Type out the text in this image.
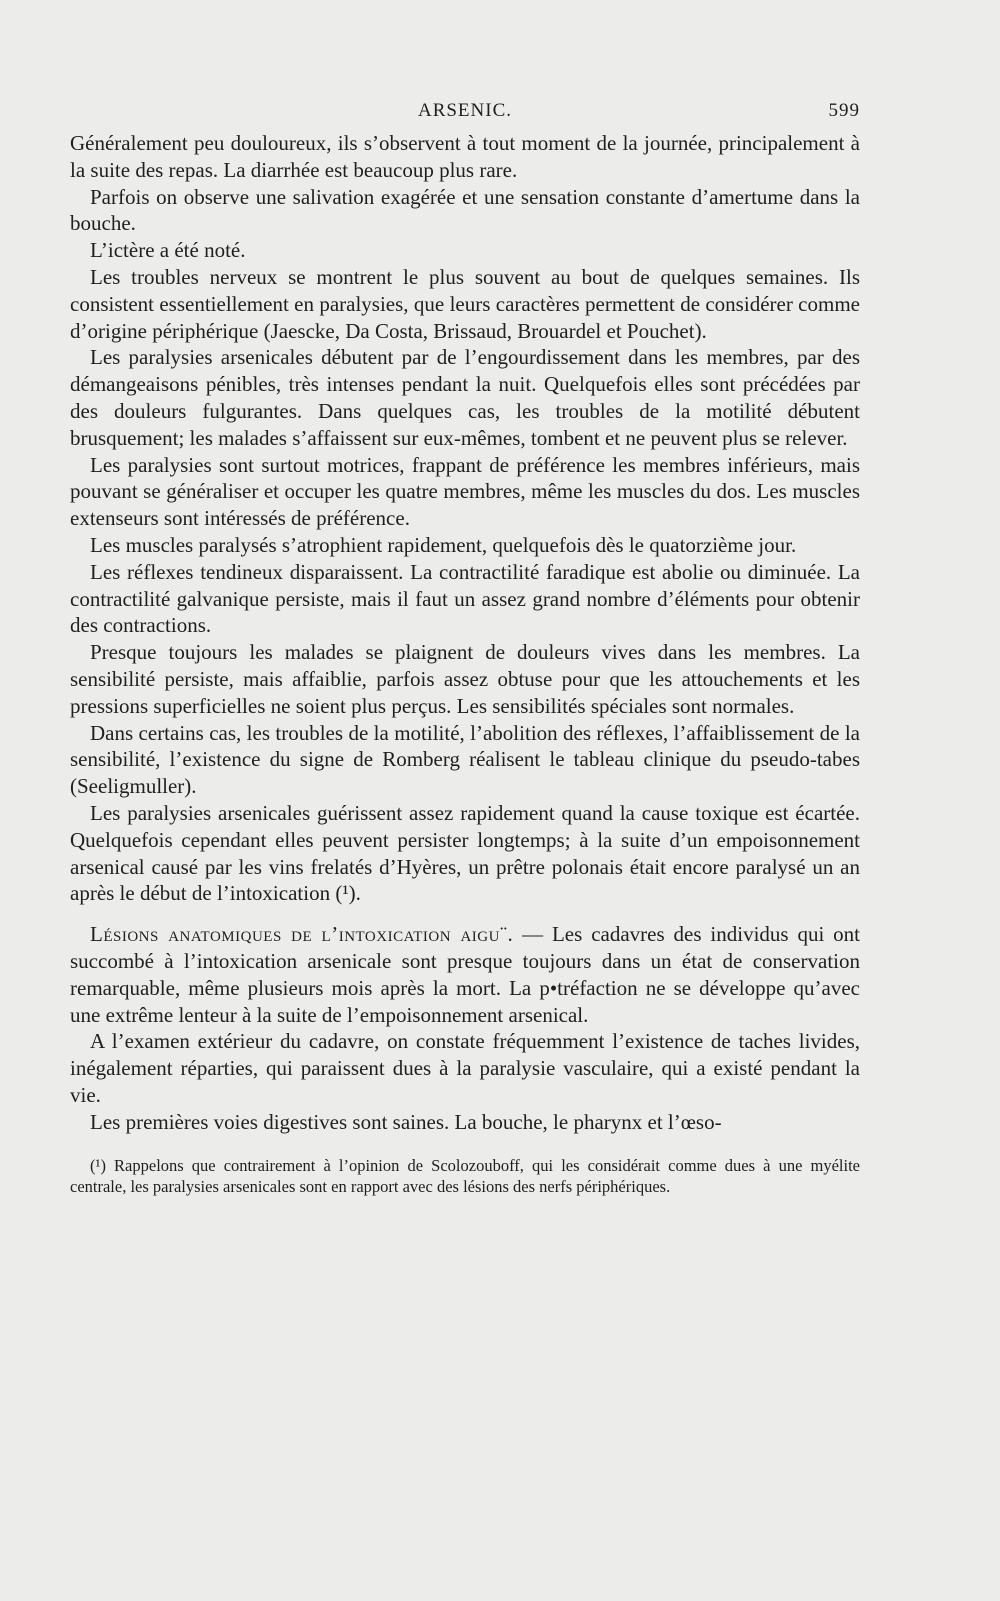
ARSENIC.	599

Généralement peu douloureux, ils s’observent à tout moment de la journée, principalement à la suite des repas. La diarrhée est beaucoup plus rare.

Parfois on observe une salivation exagérée et une sensation constante d’amertume dans la bouche.

L’ictère a été noté.

Les troubles nerveux se montrent le plus souvent au bout de quelques semaines. Ils consistent essentiellement en paralysies, que leurs caractères permettent de considérer comme d’origine périphérique (Jaescke, Da Costa, Brissaud, Brouardel et Pouchet).

Les paralysies arsenicales débutent par de l’engourdissement dans les membres, par des démangeaisons pénibles, très intenses pendant la nuit. Quelquefois elles sont précédées par des douleurs fulgurantes. Dans quelques cas, les troubles de la motilité débutent brusquement; les malades s’affaissent sur eux-mêmes, tombent et ne peuvent plus se relever.

Les paralysies sont surtout motrices, frappant de préférence les membres inférieurs, mais pouvant se généraliser et occuper les quatre membres, même les muscles du dos. Les muscles extenseurs sont intéressés de préférence.

Les muscles paralysés s’atrophient rapidement, quelquefois dès le quatorzième jour.

Les réflexes tendineux disparaissent. La contractilité faradique est abolie ou diminuée. La contractilité galvanique persiste, mais il faut un assez grand nombre d’éléments pour obtenir des contractions.

Presque toujours les malades se plaignent de douleurs vives dans les membres. La sensibilité persiste, mais affaiblie, parfois assez obtuse pour que les attouchements et les pressions superficielles ne soient plus perçus. Les sensibilités spéciales sont normales.

Dans certains cas, les troubles de la motilité, l’abolition des réflexes, l’affaiblissement de la sensibilité, l’existence du signe de Romberg réalisent le tableau clinique du pseudo-tabes (Seeligmuller).

Les paralysies arsenicales guérissent assez rapidement quand la cause toxique est écartée. Quelquefois cependant elles peuvent persister longtemps; à la suite d’un empoisonnement arsenical causé par les vins frelatés d’Hyères, un prêtre polonais était encore paralysé un an après le début de l’intoxication (¹).

Lésions anatomiques de l’intoxication aigu¨. — Les cadavres des individus qui ont succombé à l’intoxication arsenicale sont presque toujours dans un état de conservation remarquable, même plusieurs mois après la mort. La p•tréfaction ne se développe qu’avec une extrême lenteur à la suite de l’empoisonnement arsenical.

A l’examen extérieur du cadavre, on constate fréquemment l’existence de taches livides, inégalement réparties, qui paraissent dues à la paralysie vasculaire, qui a existé pendant la vie.

Les premières voies digestives sont saines. La bouche, le pharynx et l’œso-

(¹) Rappelons que contrairement à l’opinion de Scolozouboff, qui les considérait comme dues à une myélite centrale, les paralysies arsenicales sont en rapport avec des lésions des nerfs périphériques.
